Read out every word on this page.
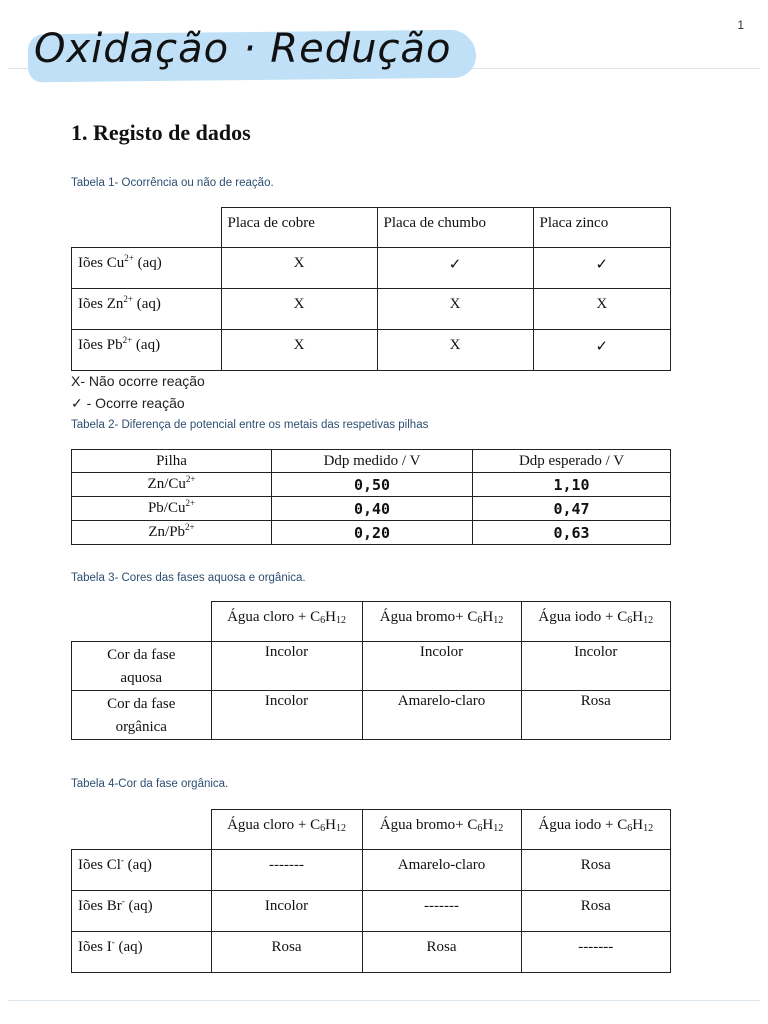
1
Oxidação · Redução
1. Registo de dados
Tabela 1- Ocorrência ou não de reação.
	Placa de cobre	Placa de chumbo	Placa zinco
Iões $Cu^{2+}$ (aq)	X	✓	✓
Iões $Zn^{2+}$ (aq)	X	X	X
Iões $Pb^{2+}$ (aq)	X	X	✓
X- Não ocorre reação
✓ - Ocorre reação
Tabela 2- Diferença de potencial entre os metais das respetivas pilhas
Pilha	Ddp medido / V	Ddp esperado / V
$Zn/Cu^{2+}$	0,50	1,10
$Pb/Cu^{2+}$	0,40	0,47
$Zn/Pb^{2+}$	0,20	0,63
Tabela 3- Cores das fases aquosa e orgânica.
	Água cloro + $C_6H_{12}$	Água bromo+ $C_6H_{12}$	Água iodo + $C_6H_{12}$

Cor da fase
aquosa	Incolor	Incolor	Incolor

Cor da fase
orgânica	Incolor	Amarelo-claro	Rosa
Tabela 4-Cor da fase orgânica.
	Água cloro + $C_6H_{12}$	Água bromo+ $C_6H_{12}$	Água iodo + $C_6H_{12}$
Iões Cl- (aq)	-------	Amarelo-claro	Rosa
Iões Br- (aq)	Incolor	-------	Rosa
Iões I- (aq)	Rosa	Rosa	-------
